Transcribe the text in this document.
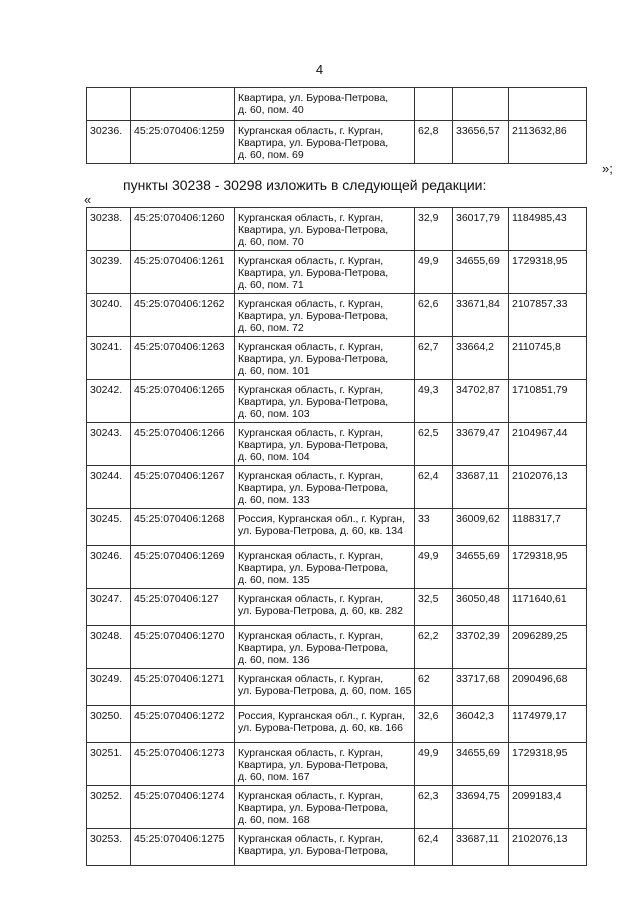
4

		Квартира, ул. Бурова-Петрова,
д. 60, пом. 40			

30236.	45:25:070406:1259	Курганская область, г. Курган,
Квартира, ул. Бурова-Петрова,
д. 60, пом. 69	62,8	33656,57	2113632,86
»;
пункты 30238 - 30298 изложить в следующей редакции:
«
30238.	45:25:070406:1260	Курганская область, г. Курган,
Квартира, ул. Бурова-Петрова,
д. 60, пом. 70	32,9	36017,79	1184985,43
30239.	45:25:070406:1261	Курганская область, г. Курган,
Квартира, ул. Бурова-Петрова,
д. 60, пом. 71	49,9	34655,69	1729318,95
30240.	45:25:070406:1262	Курганская область, г. Курган,
Квартира, ул. Бурова-Петрова,
д. 60, пом. 72	62,6	33671,84	2107857,33
30241.	45:25:070406:1263	Курганская область, г. Курган,
Квартира, ул. Бурова-Петрова,
д. 60, пом. 101	62,7	33664,2	2110745,8
30242.	45:25:070406:1265	Курганская область, г. Курган,
Квартира, ул. Бурова-Петрова,
д. 60, пом. 103	49,3	34702,87	1710851,79
30243.	45:25:070406:1266	Курганская область, г. Курган,
Квартира, ул. Бурова-Петрова,
д. 60, пом. 104	62,5	33679,47	2104967,44
30244.	45:25:070406:1267	Курганская область, г. Курган,
Квартира, ул. Бурова-Петрова,
д. 60, пом. 133	62,4	33687,11	2102076,13
30245.	45:25:070406:1268	Россия, Курганская обл., г. Курган,
ул. Бурова-Петрова, д. 60, кв. 134	33	36009,62	1188317,7
30246.	45:25:070406:1269	Курганская область, г. Курган,
Квартира, ул. Бурова-Петрова,
д. 60, пом. 135	49,9	34655,69	1729318,95
30247.	45:25:070406:127	Курганская область, г. Курган,
ул. Бурова-Петрова, д. 60, кв. 282	32,5	36050,48	1171640,61
30248.	45:25:070406:1270	Курганская область, г. Курган,
Квартира, ул. Бурова-Петрова,
д. 60, пом. 136	62,2	33702,39	2096289,25
30249.	45:25:070406:1271	Курганская область, г. Курган,
ул. Бурова-Петрова, д. 60, пом. 165	62	33717,68	2090496,68
30250.	45:25:070406:1272	Россия, Курганская обл., г. Курган,
ул. Бурова-Петрова, д. 60, кв. 166	32,6	36042,3	1174979,17
30251.	45:25:070406:1273	Курганская область, г. Курган,
Квартира, ул. Бурова-Петрова,
д. 60, пом. 167	49,9	34655,69	1729318,95
30252.	45:25:070406:1274	Курганская область, г. Курган,
Квартира, ул. Бурова-Петрова,
д. 60, пом. 168	62,3	33694,75	2099183,4
30253.	45:25:070406:1275	Курганская область, г. Курган,
Квартира, ул. Бурова-Петрова,	62,4	33687,11	2102076,13
